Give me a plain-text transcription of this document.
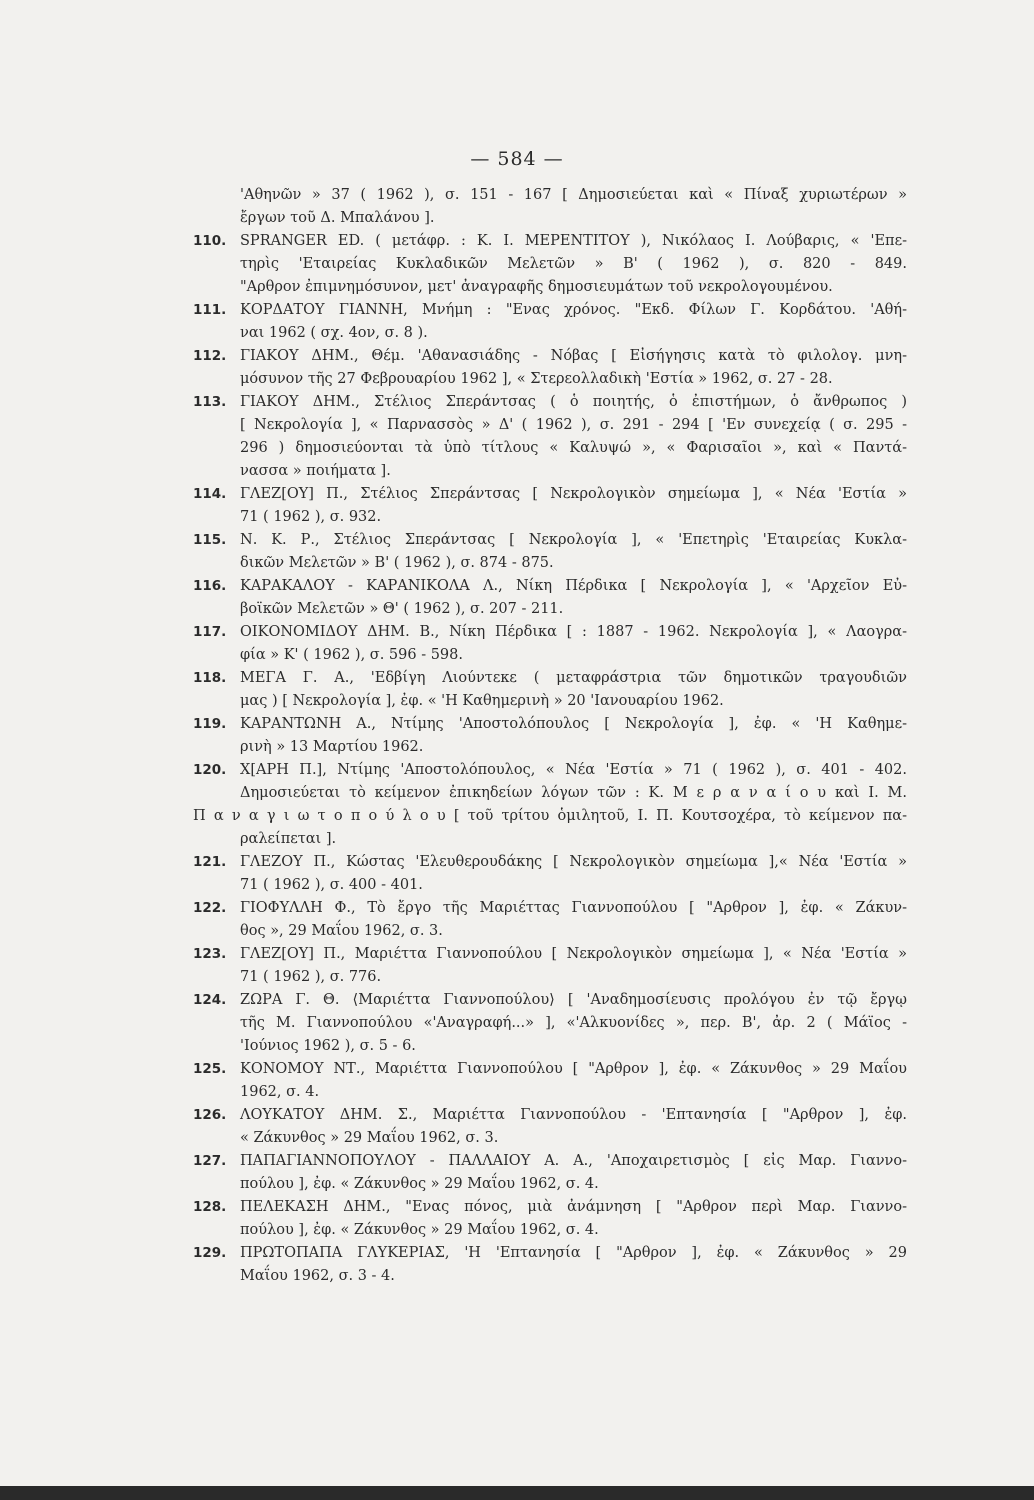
— 584 —
'Αθηνῶν » 37 ( 1962 ), σ. 151 - 167 [ Δημοσιεύεται καὶ « Πίναξ χυριωτέρων »
ἔργων τοῦ Δ. Μπαλάνου ].
110. SPRANGER ED. ( μετάφρ. : Κ. Ι. ΜΕΡΕΝΤΙΤΟΥ ), Νικόλαος Ι. Λούβαρις, « 'Επε-
τηρὶς 'Εταιρείας Κυκλαδικῶν Μελετῶν » Β' ( 1962 ), σ. 820 - 849.
"Αρθρον ἐπιμνημόσυνον, μετ' ἀναγραφῆς δημοσιευμάτων τοῦ νεκρολογουμένου.
111. ΚΟΡΔΑΤΟΥ ΓΙΑΝΝΗ, Μνήμη : "Ενας χρόνος. "Εκδ. Φίλων Γ. Κορδάτου. 'Αθή-
ναι 1962 ( σχ. 4ον, σ. 8 ).
112. ΓΙΑΚΟΥ ΔΗΜ., Θέμ. 'Αθανασιάδης - Νόβας [ Εἰσήγησις κατὰ τὸ φιλολογ. μνη-
μόσυνον τῆς 27 Φεβρουαρίου 1962 ], « Στερεολλαδικὴ 'Εστία » 1962, σ. 27 - 28.
113. ΓΙΑΚΟΥ ΔΗΜ., Στέλιος Σπεράντσας ( ὁ ποιητής, ὁ ἐπιστήμων, ὁ ἄνθρωπος )
[ Νεκρολογία ], « Παρνασσὸς » Δ' ( 1962 ), σ. 291 - 294 [ 'Εν συνεχείᾳ ( σ. 295 -
296 ) δημοσιεύονται τὰ ὑπὸ τίτλους « Καλυψώ », « Φαρισαῖοι », καὶ « Παντά-
νασσα » ποιήματα ].
114. ΓΛΕΖ[ΟΥ] Π., Στέλιος Σπεράντσας [ Νεκρολογικὸν σημείωμα ], « Νέα 'Εστία »
71 ( 1962 ), σ. 932.
115. Ν. Κ. Ρ., Στέλιος Σπεράντσας [ Νεκρολογία ], « 'Επετηρὶς 'Εταιρείας Κυκλα-
δικῶν Μελετῶν » Β' ( 1962 ), σ. 874 - 875.
116. ΚΑΡΑΚΑΛΟΥ - ΚΑΡΑΝΙΚΟΛΑ Λ., Νίκη Πέρδικα [ Νεκρολογία ], « 'Αρχεῖον Εὐ-
βοϊκῶν Μελετῶν » Θ' ( 1962 ), σ. 207 - 211.
117. ΟΙΚΟΝΟΜΙΔΟΥ ΔΗΜ. Β., Νίκη Πέρδικα [ : 1887 - 1962. Νεκρολογία ], « Λαογρα-
φία » Κ' ( 1962 ), σ. 596 - 598.
118. ΜΕΓΑ Γ. Α., 'Εδβίγη Λιούντεκε ( μεταφράστρια τῶν δημοτικῶν τραγουδιῶν
μας ) [ Νεκρολογία ], ἐφ. « 'Η Καθημερινὴ » 20 'Ιανουαρίου 1962.
119. ΚΑΡΑΝΤΩΝΗ Α., Ντίμης 'Αποστολόπουλος [ Νεκρολογία ], ἐφ. « 'Η Καθημε-
ρινὴ » 13 Μαρτίου 1962.
120. Χ[ΑΡΗ Π.], Ντίμης 'Αποστολόπουλος, « Νέα 'Εστία » 71 ( 1962 ), σ. 401 - 402.
Δημοσιεύεται τὸ κείμενον ἐπικηδείων λόγων τῶν : Κ. Μ ε ρ α ν α ί ο υ καὶ Ι. Μ.
Π α ν α γ ι ω τ ο π ο ύ λ ο υ [ τοῦ τρίτου ὁμιλητοῦ, Ι. Π. Κουτσοχέρα, τὸ κείμενον πα-
ραλείπεται ].
121. ΓΛΕΖΟΥ Π., Κώστας 'Ελευθερουδάκης [ Νεκρολογικὸν σημείωμα ],« Νέα 'Εστία »
71 ( 1962 ), σ. 400 - 401.
122. ΓΙΟΦΥΛΛΗ Φ., Τὸ ἔργο τῆς Μαριέττας Γιαννοπούλου [ "Αρθρον ], ἐφ. « Ζάκυν-
θος », 29 Μαΐου 1962, σ. 3.
123. ΓΛΕΖ[ΟΥ] Π., Μαριέττα Γιαννοπούλου [ Νεκρολογικὸν σημείωμα ], « Νέα 'Εστία »
71 ( 1962 ), σ. 776.
124. ΖΩΡΑ Γ. Θ. ⟨Μαριέττα Γιαννοπούλου⟩ [ 'Αναδημοσίευσις προλόγου ἐν τῷ ἔργῳ
τῆς Μ. Γιαννοπούλου «'Αναγραφή...» ], «'Αλκυονίδες », περ. Β', ἀρ. 2 ( Μάϊος -
'Ιούνιος 1962 ), σ. 5 - 6.
125. ΚΟΝΟΜΟΥ ΝΤ., Μαριέττα Γιαννοπούλου [ "Αρθρον ], ἐφ. « Ζάκυνθος » 29 Μαΐου
1962, σ. 4.
126. ΛΟΥΚΑΤΟΥ ΔΗΜ. Σ., Μαριέττα Γιαννοπούλου - 'Επτανησία [ "Αρθρον ], ἐφ.
« Ζάκυνθος » 29 Μαΐου 1962, σ. 3.
127. ΠΑΠΑΓΙΑΝΝΟΠΟΥΛΟΥ - ΠΑΛΛΑΙΟΥ Α. Α., 'Αποχαιρετισμὸς [ εἰς Μαρ. Γιαννο-
πούλου ], ἐφ. « Ζάκυνθος » 29 Μαΐου 1962, σ. 4.
128. ΠΕΛΕΚΑΣΗ ΔΗΜ., "Ενας πόνος, μιὰ ἀνάμνηση [ "Αρθρον περὶ Μαρ. Γιαννο-
πούλου ], ἐφ. « Ζάκυνθος » 29 Μαΐου 1962, σ. 4.
129. ΠΡΩΤΟΠΑΠΑ ΓΛΥΚΕΡΙΑΣ, 'Η 'Επτανησία [ "Αρθρον ], ἐφ. « Ζάκυνθος » 29
Μαΐου 1962, σ. 3 - 4.
